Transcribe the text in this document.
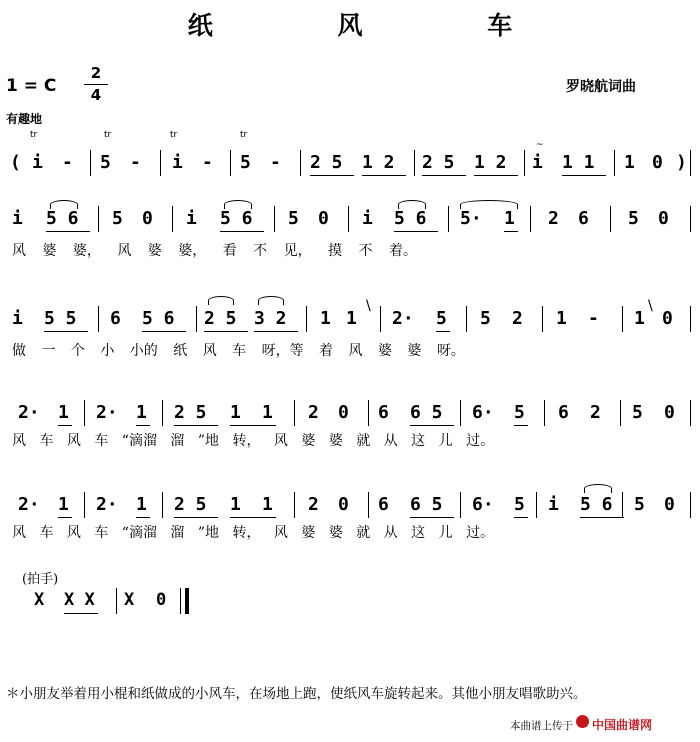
纸 风 车
1 = C
2
4	罗晓航词曲
有趣地
tr	tr	tr	tr
( i - 5 - i - 5 - 2 5 1 2 2 5 1 2
~
i 1 1 1 0 )
i 5 6 5 0 i 5 6 5 0 i 5 6 5· 1 2 6 5 0
风 婆 婆， 风 婆 婆， 看 不 见， 摸 不 着。
i 5 5 6 5 6 2 5 3 2 1 1
\
2· 5 5 2 1 - 1
\
0
做 一 个 小 小的 纸 风 车 呀，等 着 风 婆 婆 呀。
2· 1 2· 1 2 5 1 1 2 0 6 6 5 6· 5 6 2 5 0
风 车 风 车 “滴溜 溜 ”地 转， 风 婆 婆 就 从 这 儿 过。
2· 1 2· 1 2 5 1 1 2 0 6 6 5 6· 5 i 5 6 5 0
风 车 风 车 “滴溜 溜 ”地 转， 风 婆 婆 就 从 这 儿 过。
(拍手)
X X X X 0
＊小朋友举着用小棍和纸做成的小风车，在场地上跑，使纸风车旋转起来。其他小朋友唱歌助兴。
本曲谱上传于 中国曲谱网
